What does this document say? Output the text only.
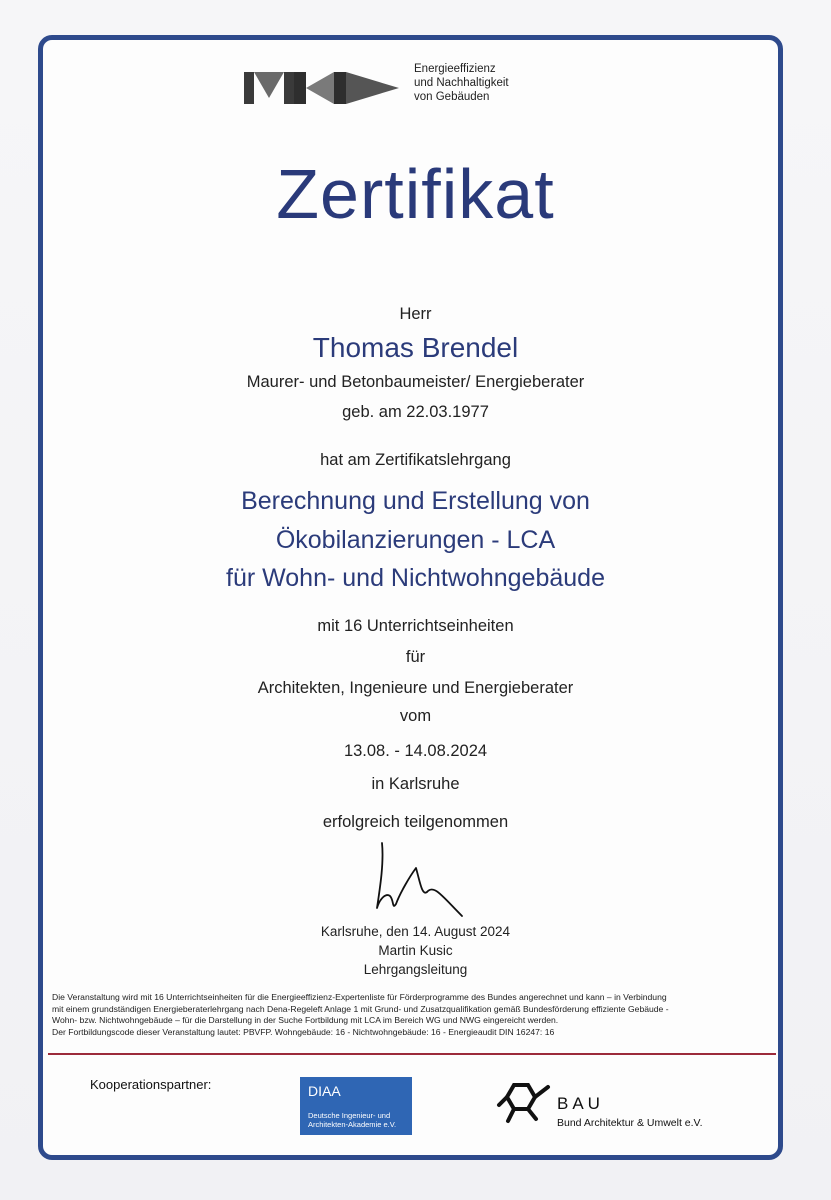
Energieeffizienz
und Nachhaltigkeit
von Gebäuden
Zertifikat
Herr
Thomas Brendel
Maurer- und Betonbaumeister/ Energieberater
geb. am 22.03.1977
hat am Zertifikatslehrgang
Berechnung und Erstellung von
Ökobilanzierungen - LCA
für Wohn- und Nichtwohngebäude
mit 16 Unterrichtseinheiten
für
Architekten, Ingenieure und Energieberater
vom
13.08. - 14.08.2024
in Karlsruhe
erfolgreich teilgenommen
Karlsruhe, den 14. August 2024
Martin Kusic
Lehrgangsleitung
Die Veranstaltung wird mit 16 Unterrichtseinheiten für die Energieeffizienz-Expertenliste für Förderprogramme des Bundes angerechnet und kann – in Verbindung
mit einem grundständigen Energieberaterlehrgang nach Dena-Regeleft Anlage 1 mit Grund- und Zusatzqualifikation gemäß Bundesförderung effiziente Gebäude -
Wohn- bzw. Nichtwohngebäude – für die Darstellung in der Suche Fortbildung mit LCA im Bereich WG und NWG eingereicht werden.
Der Fortbildungscode dieser Veranstaltung lautet: PBVFP. Wohngebäude: 16 - Nichtwohngebäude: 16 - Energieaudit DIN 16247: 16
Kooperationspartner:	DIAA
Deutsche Ingenieur- und
Architekten-Akademie e.V.
BAU
Bund Architektur & Umwelt e.V.
